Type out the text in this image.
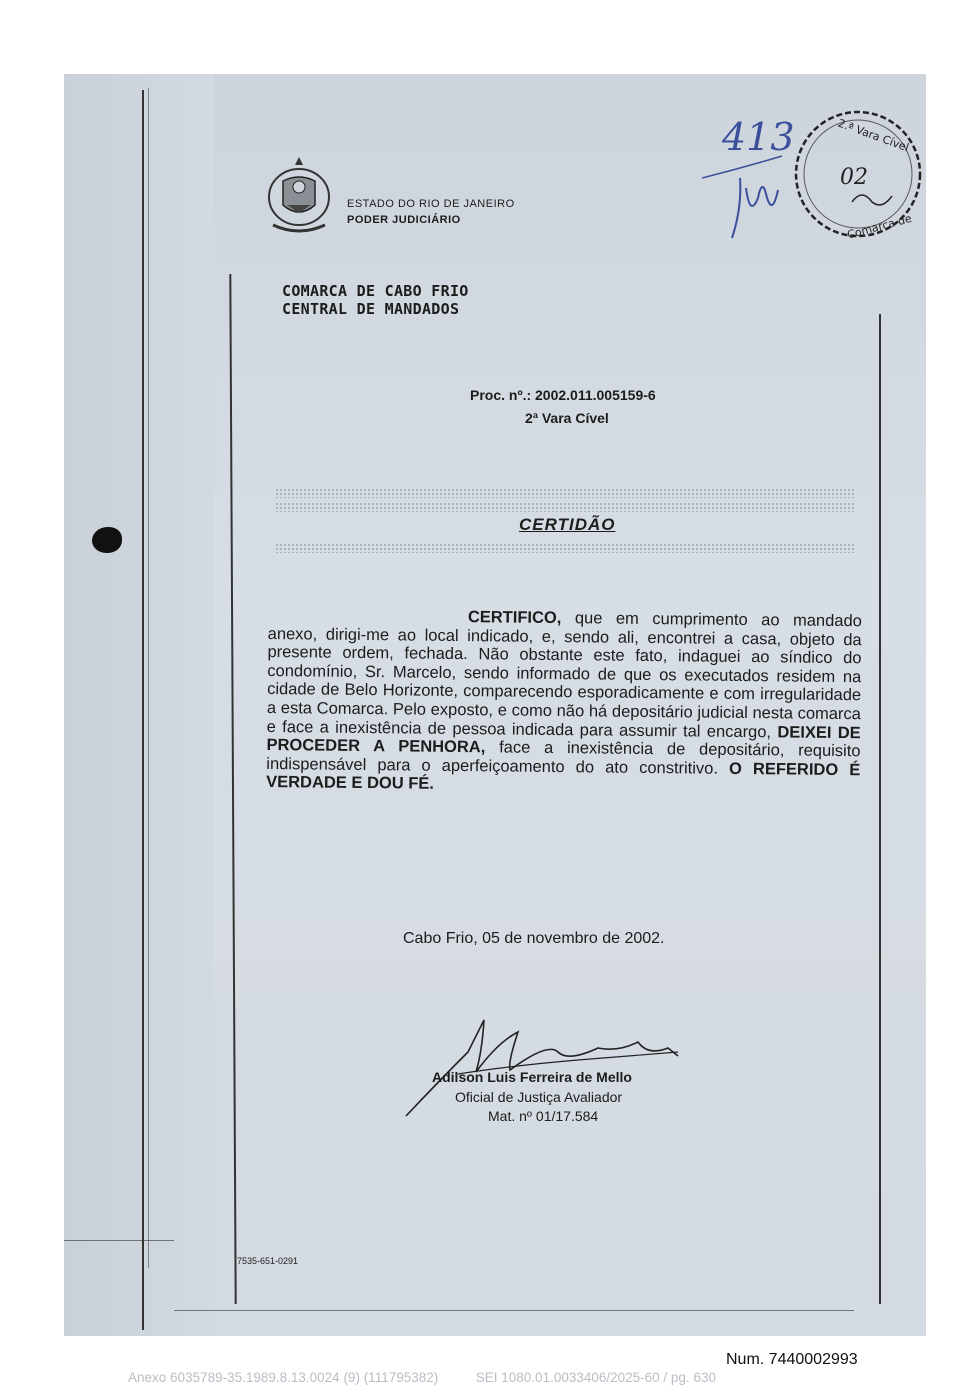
ESTADO DO RIO DE JANEIRO
PODER JUDICIÁRIO
COMARCA DE CABO FRIO
CENTRAL DE MANDADOS
Proc. nº.: 2002.011.005159-6
2ª Vara Cível
CERTIDÃO
CERTIFICO, que em cumprimento ao mandado anexo, dirigi-me ao local indicado, e, sendo ali, encontrei a casa, objeto da presente ordem, fechada. Não obstante este fato, indaguei ao síndico do condomínio, Sr. Marcelo, sendo informado de que os executados residem na cidade de Belo Horizonte, comparecendo esporadicamente e com irregularidade a esta Comarca. Pelo exposto, e como não há depositário judicial nesta comarca e face a inexistência de pessoa indicada para assumir tal encargo, DEIXEI DE PROCEDER A PENHORA, face a inexistência de depositário, requisito indispensável para o aperfeiçoamento do ato constritivo. O REFERIDO É VERDADE E DOU FÉ.
Cabo Frio, 05 de novembro de 2002.
Adilson Luis Ferreira de Mello
Oficial de Justiça Avaliador
Mat. nº 01/17.584
7535-651-0291
413	2.ª Vara Cível
Comarca de
02
Num. 7440002993
Anexo 6035789-35.1989.8.13.0024 (9) (111795382)          SEI 1080.01.0033406/2025-60 / pg. 630
